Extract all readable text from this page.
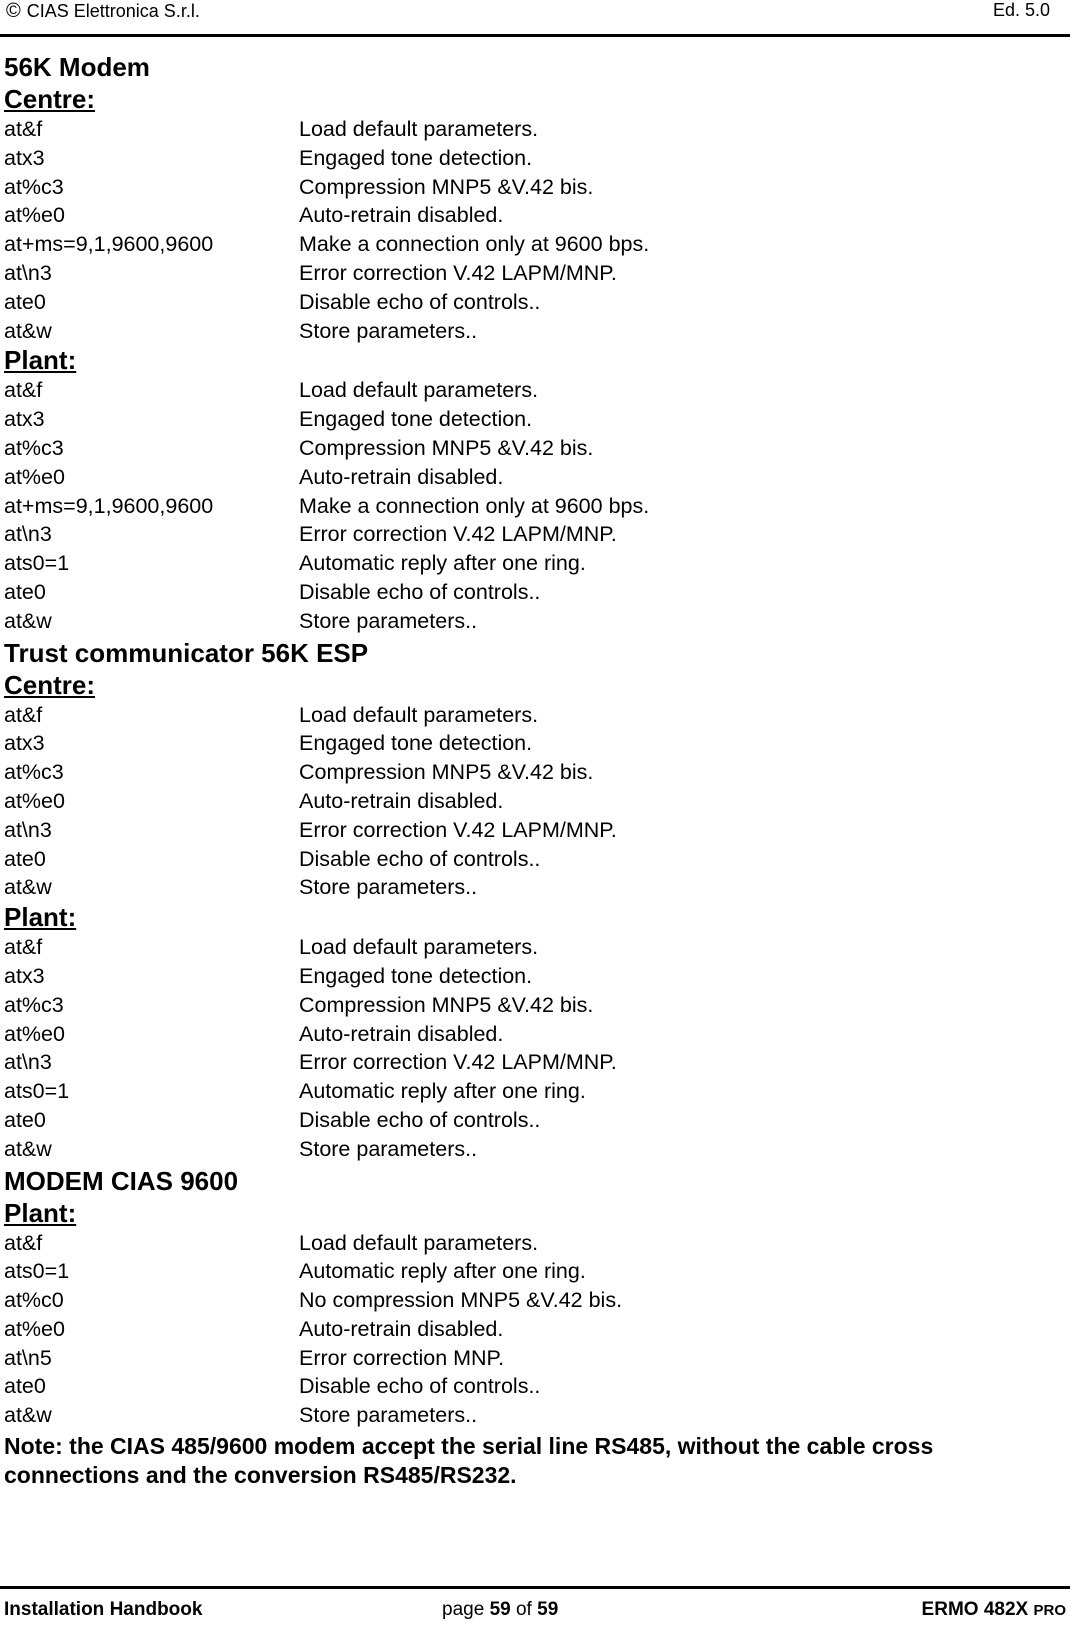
© CIAS Elettronica S.r.l.	Ed. 5.0
56K Modem
Centre:
at&f	Load default parameters.
atx3	Engaged tone detection.
at%c3	Compression MNP5 &V.42 bis.
at%e0	Auto-retrain disabled.
at+ms=9,1,9600,9600	Make a connection only at 9600 bps.
at\n3	Error correction V.42 LAPM/MNP.
ate0	Disable echo of controls..
at&w	Store parameters..
Plant:
at&f	Load default parameters.
atx3	Engaged tone detection.
at%c3	Compression MNP5 &V.42 bis.
at%e0	Auto-retrain disabled.
at+ms=9,1,9600,9600	Make a connection only at 9600 bps.
at\n3	Error correction V.42 LAPM/MNP.
ats0=1	Automatic reply after one ring.
ate0	Disable echo of controls..
at&w	Store parameters..
Trust communicator 56K ESP
Centre:
at&f	Load default parameters.
atx3	Engaged tone detection.
at%c3	Compression MNP5 &V.42 bis.
at%e0	Auto-retrain disabled.
at\n3	Error correction V.42 LAPM/MNP.
ate0	Disable echo of controls..
at&w	Store parameters..
Plant:
at&f	Load default parameters.
atx3	Engaged tone detection.
at%c3	Compression MNP5 &V.42 bis.
at%e0	Auto-retrain disabled.
at\n3	Error correction V.42 LAPM/MNP.
ats0=1	Automatic reply after one ring.
ate0	Disable echo of controls..
at&w	Store parameters..
MODEM CIAS 9600
Plant:
at&f	Load default parameters.
ats0=1	Automatic reply after one ring.
at%c0	No compression MNP5 &V.42 bis.
at%e0	Auto-retrain disabled.
at\n5	Error correction MNP.
ate0	Disable echo of controls..
at&w	Store parameters..
Note: the CIAS 485/9600 modem accept the serial line RS485, without the cable cross connections and the conversion RS485/RS232.
Installation Handbook	page 59 of 59	ERMO 482X PRO
